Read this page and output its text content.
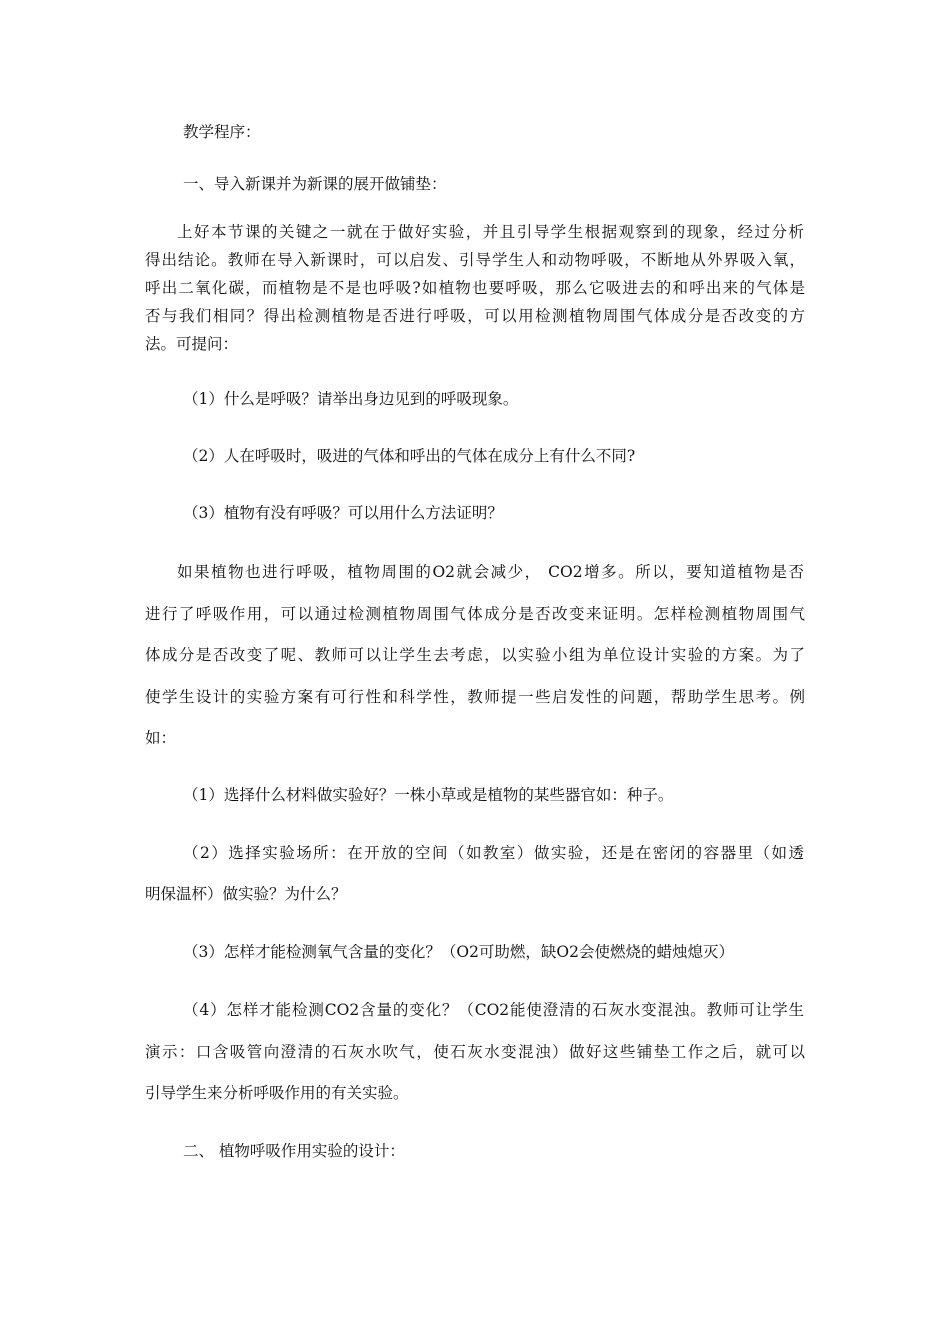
教学程序：
一、导入新课并为新课的展开做铺垫：
上好本节课的关键之一就在于做好实验，并且引导学生根据观察到的现象，经过分析
得出结论。教师在导入新课时，可以启发、引导学生人和动物呼吸，不断地从外界吸入氧，
呼出二氧化碳，而植物是不是也呼吸?如植物也要呼吸，那么它吸进去的和呼出来的气体是
否与我们相同？得出检测植物是否进行呼吸，可以用检测植物周围气体成分是否改变的方
法。可提问：
（1）什么是呼吸？请举出身边见到的呼吸现象。
（2）人在呼吸时，吸进的气体和呼出的气体在成分上有什么不同?
（3）植物有没有呼吸？可以用什么方法证明？
如果植物也进行呼吸，植物周围的O2就会减少， CO2增多。所以，要知道植物是否
进行了呼吸作用，可以通过检测植物周围气体成分是否改变来证明。怎样检测植物周围气
体成分是否改变了呢、教师可以让学生去考虑，以实验小组为单位设计实验的方案。为了
使学生设计的实验方案有可行性和科学性，教师提一些启发性的问题，帮助学生思考。例
如：
（1）选择什么材料做实验好？一株小草或是植物的某些器官如：种子。
（2）选择实验场所：在开放的空间（如教室）做实验，还是在密闭的容器里（如透
明保温杯）做实验？为什么？
（3）怎样才能检测氧气含量的变化？（O2可助燃，缺O2会使燃烧的蜡烛熄灭）
（4）怎样才能检测CO2含量的变化？（CO2能使澄清的石灰水变混浊。教师可让学生
演示：口含吸管向澄清的石灰水吹气，使石灰水变混浊）做好这些铺垫工作之后，就可以
引导学生来分析呼吸作用的有关实验。
二、 植物呼吸作用实验的设计：
